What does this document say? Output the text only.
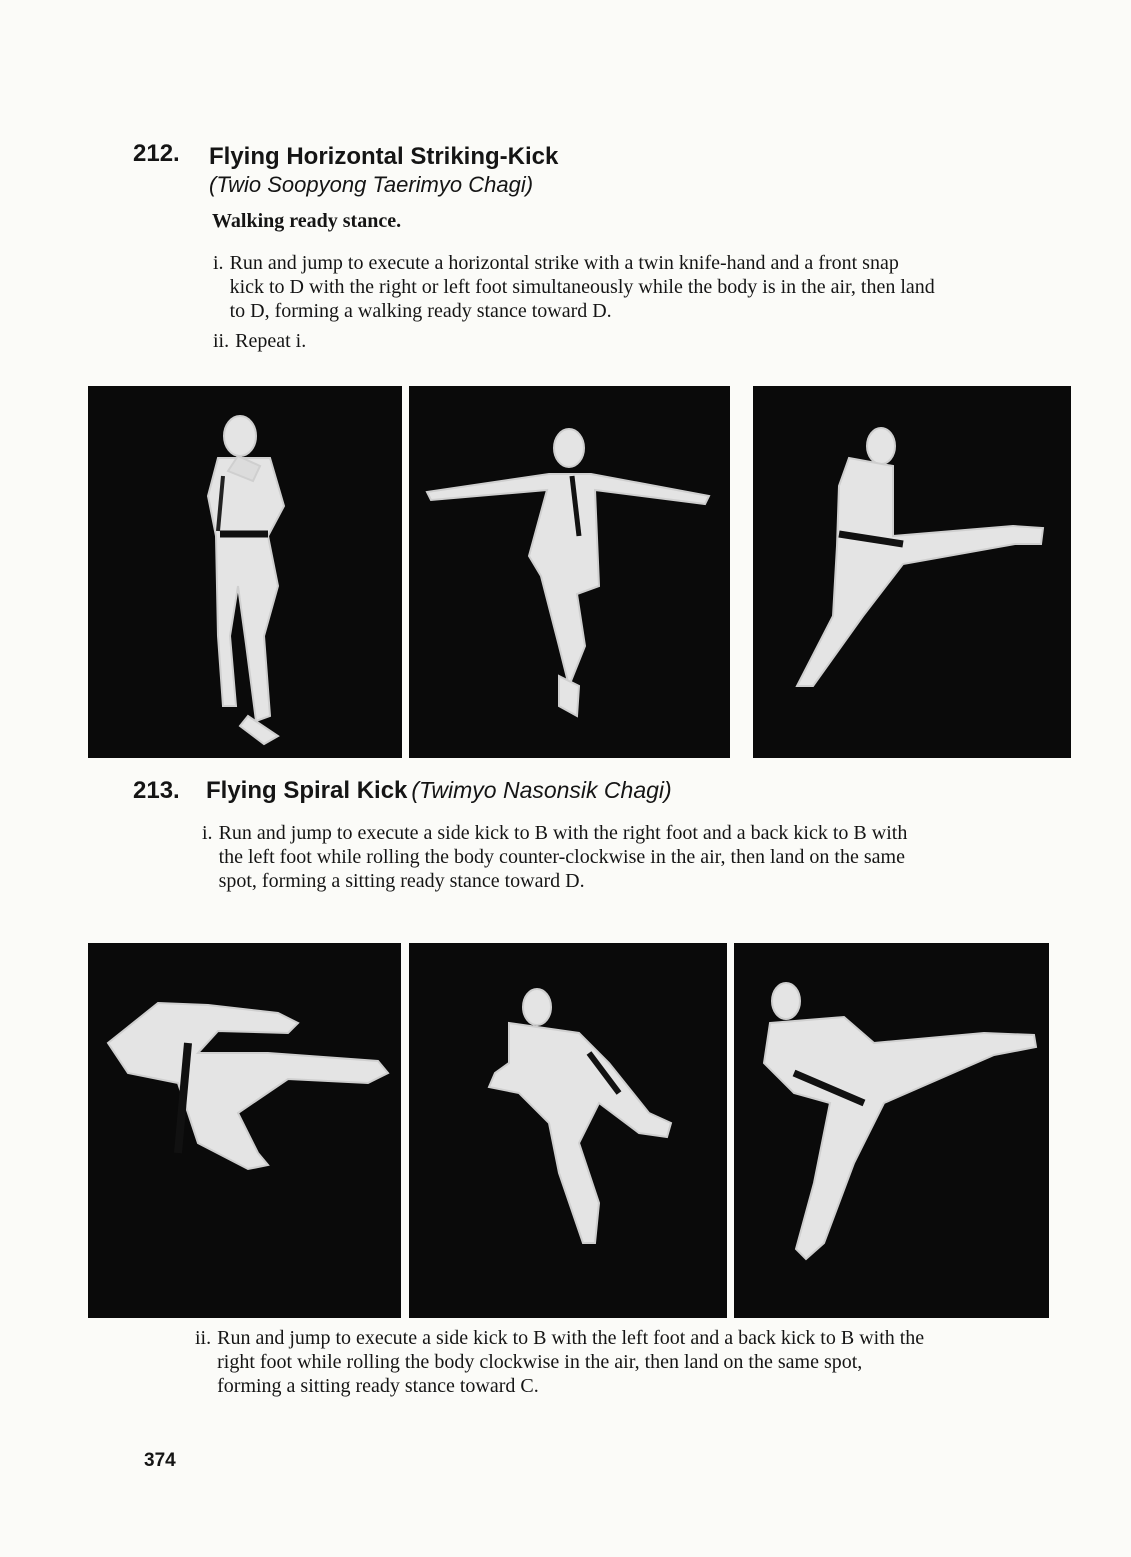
212. Flying Horizontal Striking-Kick
(Twio Soopyong Taerimyo Chagi)
Walking ready stance.
i. Run and jump to execute a horizontal strike with a twin knife-hand and a front snap kick to D with the right or left foot simultaneously while the body is in the air, then land to D, forming a walking ready stance toward D.
ii. Repeat i.
213. Flying Spiral Kick (Twimyo Nasonsik Chagi)
i. Run and jump to execute a side kick to B with the right foot and a back kick to B with the left foot while rolling the body counter-clockwise in the air, then land on the same spot, forming a sitting ready stance toward D.
ii. Run and jump to execute a side kick to B with the left foot and a back kick to B with the right foot while rolling the body clockwise in the air, then land on the same spot, forming a sitting ready stance toward C.
374
